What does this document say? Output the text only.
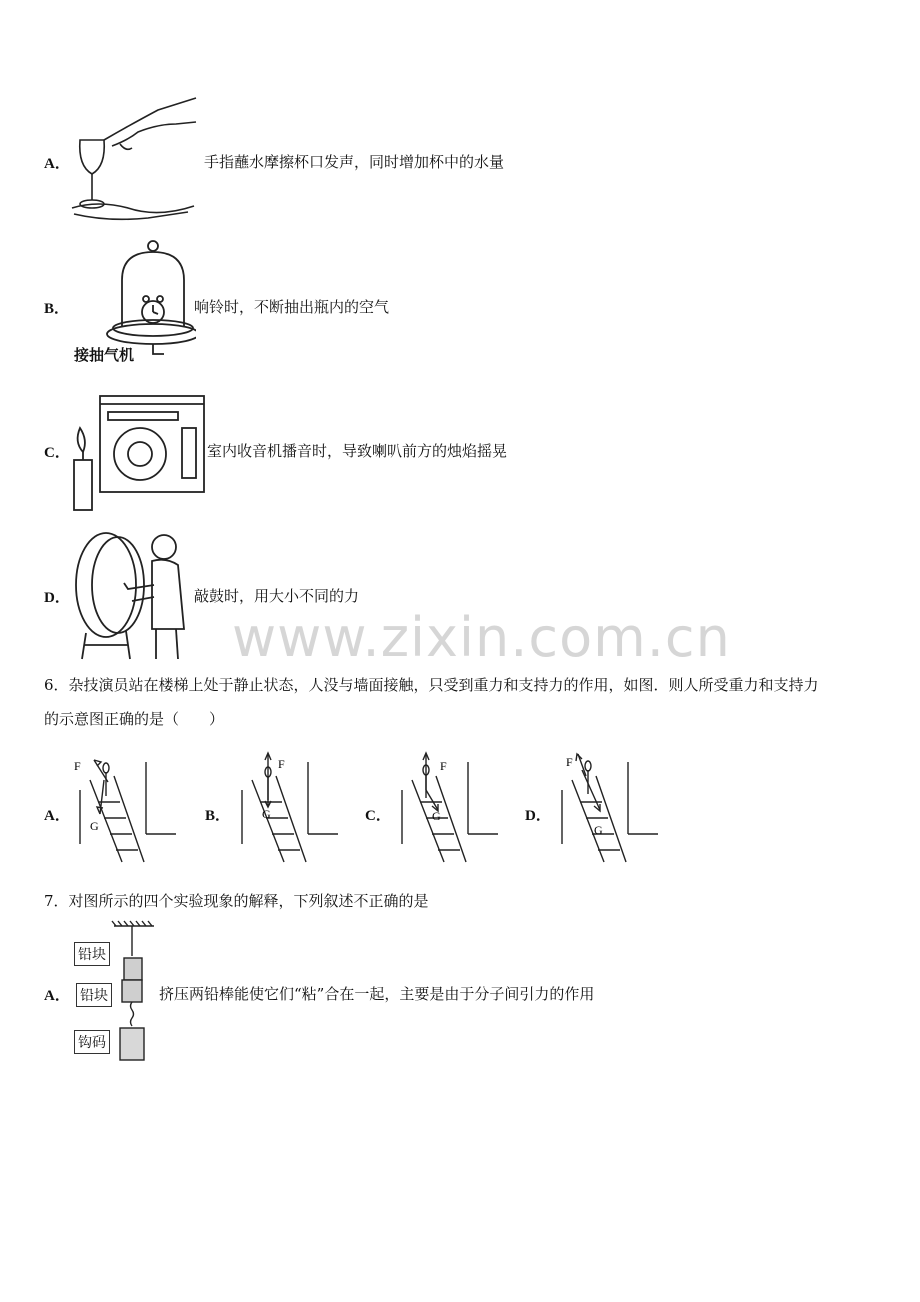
A．	手指蘸水摩擦杯口发声，同时增加杯中的水量
B．
接抽气机
响铃时，不断抽出瓶内的空气
C．	室内收音机播音时，导致喇叭前方的烛焰摇晃
D．	敲鼓时，用大小不同的力
www.zixin.com.cn
6．杂技演员站在楼梯上处于静止状态，人没与墙面接触，只受到重力和支持力的作用，如图．则人所受重力和支持力
的示意图正确的是（　　）
A．
F
G
B．
F
G	C．
F
G	D．
F
G
7．对图所示的四个实验现象的解释，下列叙述不正确的是
A．
铅块
铅块
钩码
挤压两铅棒能使它们“粘”合在一起，主要是由于分子间引力的作用
